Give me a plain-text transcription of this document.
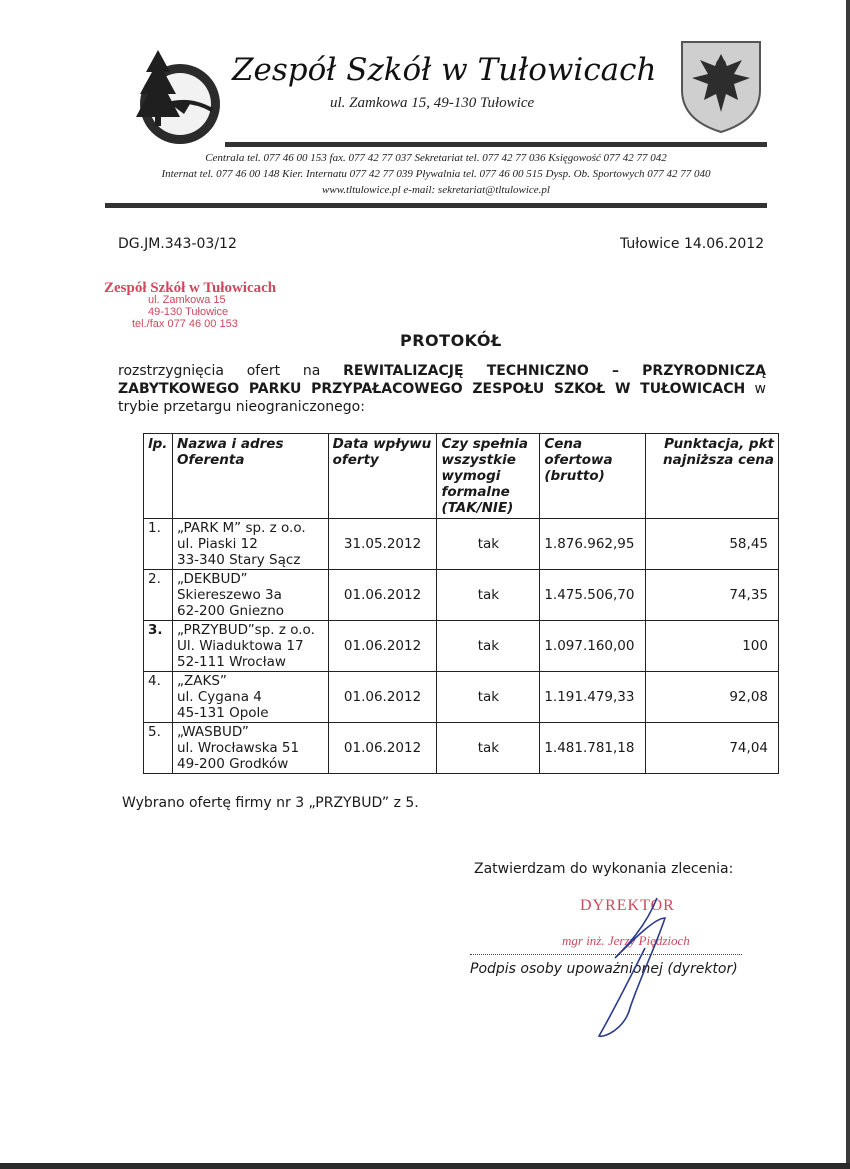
Zespół Szkół w Tułowicach
ul. Zamkowa 15, 49-130 Tułowice
Centrala tel. 077 46 00 153 fax. 077 42 77 037 Sekretariat tel. 077 42 77 036 Księgowość 077 42 77 042
Internat tel. 077 46 00 148 Kier. Internatu 077 42 77 039 Pływalnia tel. 077 46 00 515 Dysp. Ob. Sportowych 077 42 77 040
www.tltulowice.pl e-mail: sekretariat@tltulowice.pl
DG.JM.343-03/12	Tułowice 14.06.2012
Zespół Szkół w Tułowicach
ul. Zamkowa 15
49-130 Tułowice
tel./fax 077 46 00 153
PROTOKÓŁ
rozstrzygnięcia ofert na REWITALIZACJĘ TECHNICZNO – PRZYRODNICZĄ ZABYTKOWEGO PARKU PRZYPAŁACOWEGO ZESPOŁU SZKOŁ W TUŁOWICACH w trybie przetargu nieograniczonego:
lp.	Nazwa i adres Oferenta	Data wpływu oferty	Czy spełnia wszystkie wymogi formalne (TAK/NIE)	Cena ofertowa (brutto)	Punktacja, pkt najniższa cena
1.	„PARK M” sp. z o.o.
ul. Piaski 12
33-340 Stary Sącz	31.05.2012	tak	1.876.962,95	58,45
2.	„DEKBUD”
Skiereszewo 3a
62-200 Gniezno	01.06.2012	tak	1.475.506,70	74,35
3.	„PRZYBUD”sp. z o.o.
Ul. Wiaduktowa 17
52-111 Wrocław	01.06.2012	tak	1.097.160,00	100
4.	„ZAKS”
ul. Cygana 4
45-131 Opole	01.06.2012	tak	1.191.479,33	92,08
5.	„WASBUD”
ul. Wrocławska 51
49-200 Grodków	01.06.2012	tak	1.481.781,18	74,04
Wybrano ofertę firmy nr 3 „PRZYBUD” z 5.
Zatwierdzam do wykonania zlecenia:
DYREKTOR
mgr inż. Jerzy Piędzioch
Podpis osoby upoważnionej (dyrektor)
